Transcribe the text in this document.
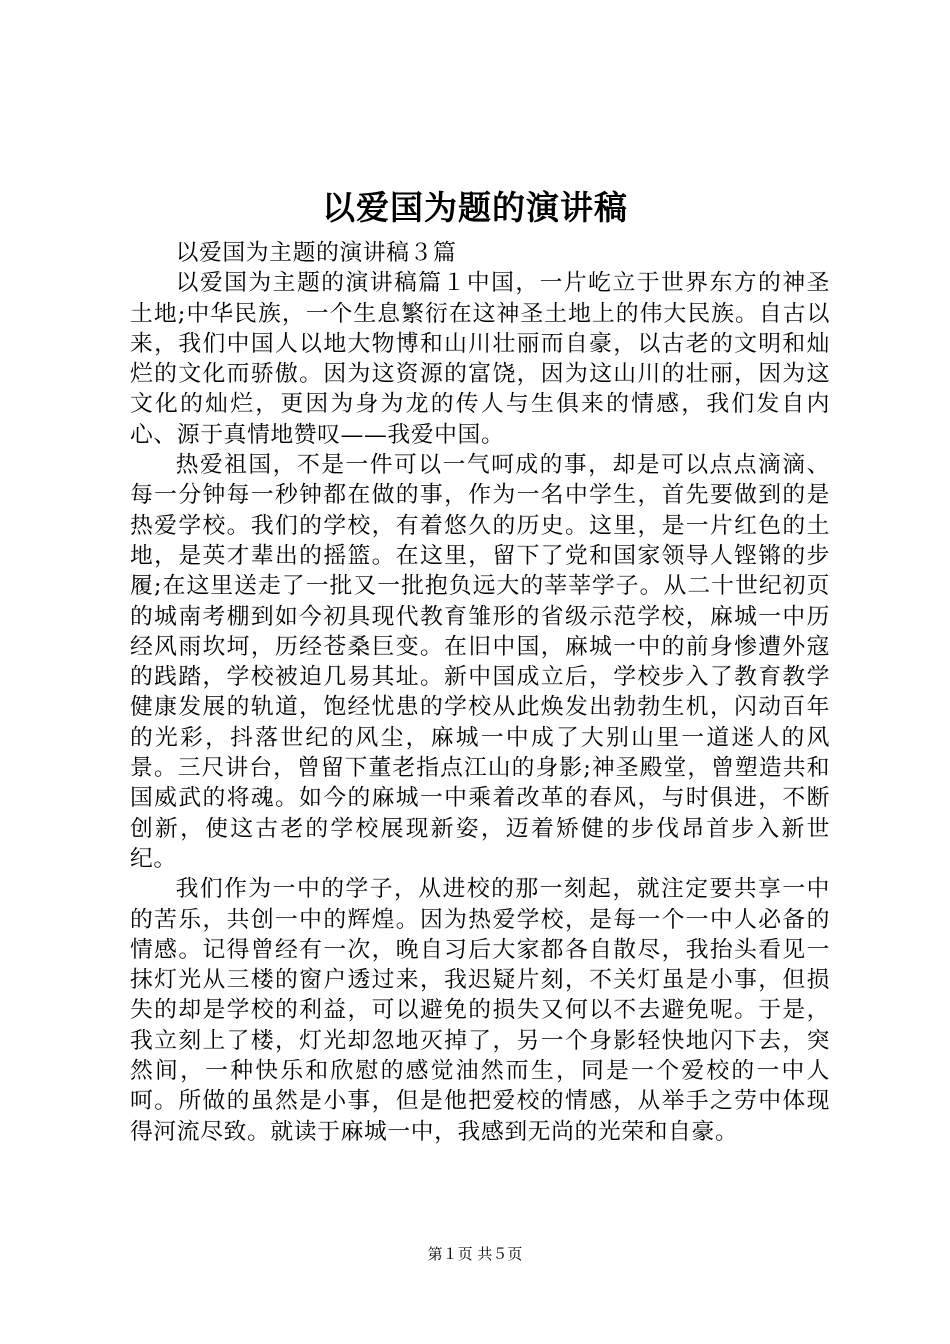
以爱国为题的演讲稿

以爱国为主题的演讲稿３篇

以爱国为主题的演讲稿篇１中国，一片屹立于世界东方的神圣土地;中华民族，一个生息繁衍在这神圣土地上的伟大民族。自古以来，我们中国人以地大物博和山川壮丽而自豪，以古老的文明和灿烂的文化而骄傲。因为这资源的富饶，因为这山川的壮丽，因为这文化的灿烂，更因为身为龙的传人与生俱来的情感，我们发自内心、源于真情地赞叹——我爱中国。

热爱祖国，不是一件可以一气呵成的事，却是可以点点滴滴、每一分钟每一秒钟都在做的事，作为一名中学生，首先要做到的是热爱学校。我们的学校，有着悠久的历史。这里，是一片红色的土地，是英才辈出的摇篮。在这里，留下了党和国家领导人铿锵的步履;在这里送走了一批又一批抱负远大的莘莘学子。从二十世纪初页的城南考棚到如今初具现代教育雏形的省级示范学校，麻城一中历经风雨坎坷，历经苍桑巨变。在旧中国，麻城一中的前身惨遭外寇的践踏，学校被迫几易其址。新中国成立后，学校步入了教育教学健康发展的轨道，饱经忧患的学校从此焕发出勃勃生机，闪动百年的光彩，抖落世纪的风尘，麻城一中成了大别山里一道迷人的风景。三尺讲台，曾留下董老指点江山的身影;神圣殿堂，曾塑造共和国威武的将魂。如今的麻城一中乘着改革的春风，与时俱进，不断创新，使这古老的学校展现新姿，迈着矫健的步伐昂首步入新世纪。

我们作为一中的学子，从进校的那一刻起，就注定要共享一中的苦乐，共创一中的辉煌。因为热爱学校，是每一个一中人必备的情感。记得曾经有一次，晚自习后大家都各自散尽，我抬头看见一抹灯光从三楼的窗户透过来，我迟疑片刻，不关灯虽是小事，但损失的却是学校的利益，可以避免的损失又何以不去避免呢。于是，我立刻上了楼，灯光却忽地灭掉了，另一个身影轻快地闪下去，突然间，一种快乐和欣慰的感觉油然而生，同是一个爱校的一中人呵。所做的虽然是小事，但是他把爱校的情感，从举手之劳中体现得河流尽致。就读于麻城一中，我感到无尚的光荣和自豪。

第１页 共５页
